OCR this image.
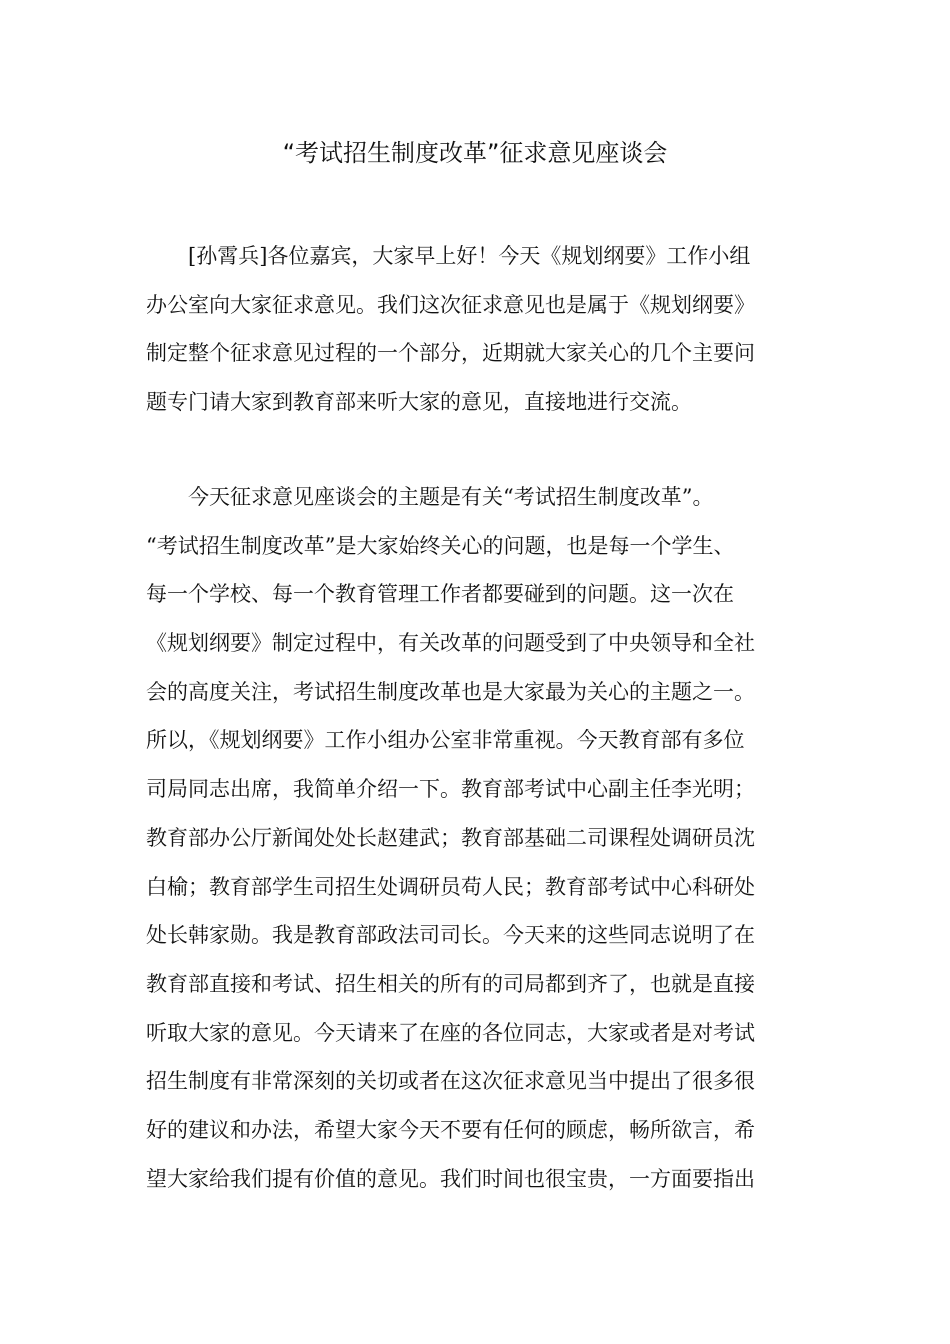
“考试招生制度改革”征求意见座谈会
[孙霄兵]各位嘉宾，大家早上好！今天《规划纲要》工作小组
办公室向大家征求意见。我们这次征求意见也是属于《规划纲要》
制定整个征求意见过程的一个部分，近期就大家关心的几个主要问
题专门请大家到教育部来听大家的意见，直接地进行交流。
今天征求意见座谈会的主题是有关“考试招生制度改革”。
“考试招生制度改革”是大家始终关心的问题，也是每一个学生、
每一个学校、每一个教育管理工作者都要碰到的问题。这一次在
《规划纲要》制定过程中，有关改革的问题受到了中央领导和全社
会的高度关注，考试招生制度改革也是大家最为关心的主题之一。
所以，《规划纲要》工作小组办公室非常重视。今天教育部有多位
司局同志出席，我简单介绍一下。教育部考试中心副主任李光明；
教育部办公厅新闻处处长赵建武；教育部基础二司课程处调研员沈
白榆；教育部学生司招生处调研员苟人民；教育部考试中心科研处
处长韩家勋。我是教育部政法司司长。今天来的这些同志说明了在
教育部直接和考试、招生相关的所有的司局都到齐了，也就是直接
听取大家的意见。今天请来了在座的各位同志，大家或者是对考试
招生制度有非常深刻的关切或者在这次征求意见当中提出了很多很
好的建议和办法，希望大家今天不要有任何的顾虑，畅所欲言，希
望大家给我们提有价值的意见。我们时间也很宝贵，一方面要指出
